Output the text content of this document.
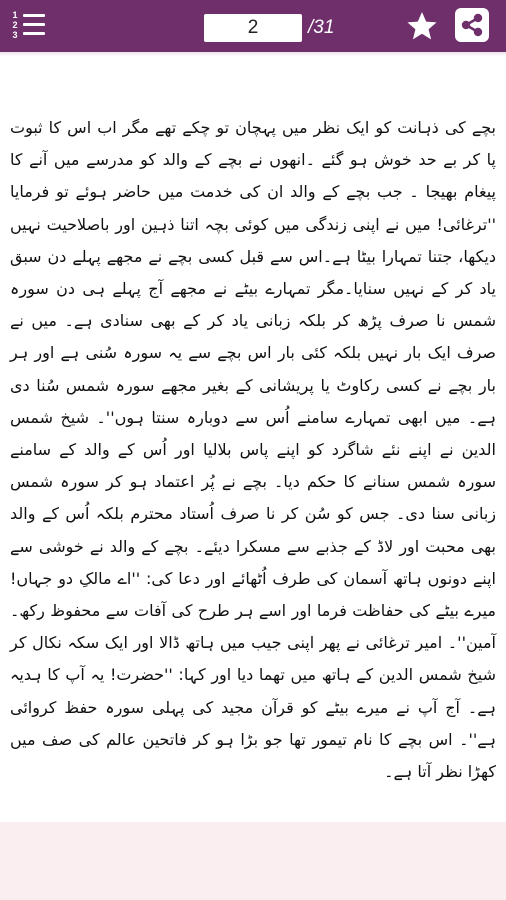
1
2
3
2	/31

بچے کی ذہانت کو ایک نظر میں پہچان تو چکے تھے مگر اب اس کا ثبوت پا کر بے حد خوش ہو گئے ۔انھوں نے بچے کے والد کو مدرسے میں آنے کا پیغام بھیجا ۔ جب بچے کے والد ان کی خدمت میں حاضر ہوئے تو فرمایا ''ترغائی! میں نے اپنی زندگی میں کوئی بچہ اتنا ذہین اور باصلاحیت نہیں دیکھا، جتنا تمہارا بیٹا ہے۔اس سے قبل کسی بچے نے مجھے پہلے دن سبق یاد کر کے نہیں سنایا۔مگر تمہارے بیٹے نے مجھے آج پہلے ہی دن سورہ شمس نا صرف پڑھ کر بلکہ زبانی یاد کر کے بھی سنادی ہے۔ میں نے صرف ایک بار نہیں بلکہ کئی بار اس بچے سے یہ سورہ سُنی ہے اور ہر بار بچے نے کسی رکاوٹ یا پریشانی کے بغیر مجھے سورہ شمس سُنا دی ہے۔ میں ابھی تمہارے سامنے اُس سے دوبارہ سنتا ہوں''۔ شیخ شمس الدین نے اپنے نئے شاگرد کو اپنے پاس بلالیا اور اُس کے والد کے سامنے سورہ شمس سنانے کا حکم دیا۔ بچے نے پُر اعتماد ہو کر سورہ شمس زبانی سنا دی۔ جس کو سُن کر نا صرف اُستاد محترم بلکہ اُس کے والد بھی محبت اور لاڈ کے جذبے سے مسکرا دیئے۔ بچے کے والد نے خوشی سے اپنے دونوں ہاتھ آسمان کی طرف اُٹھائے اور دعا کی: ''اے مالکِ دو جہاں! میرے بیٹے کی حفاظت فرما اور اسے ہر طرح کی آفات سے محفوظ رکھ۔ آمین''۔ امیر ترغائی نے پھر اپنی جیب میں ہاتھ ڈالا اور ایک سکہ نکال کر شیخ شمس الدین کے ہاتھ میں تھما دیا اور کہا: ''حضرت! یہ آپ کا ہدیہ ہے۔ آج آپ نے میرے بیٹے کو قرآن مجید کی پہلی سورہ حفظ کروائی ہے''۔ اس بچے کا نام تیمور تھا جو بڑا ہو کر فاتحین عالم کی صف میں کھڑا نظر آتا ہے۔
